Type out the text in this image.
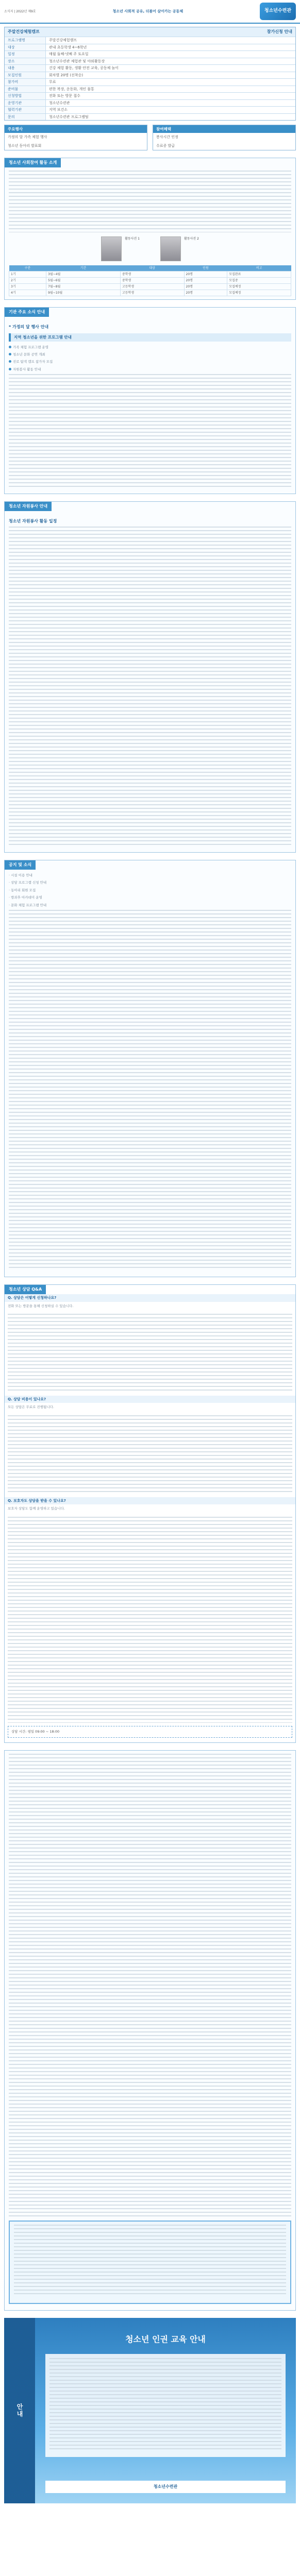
소식지 | 2022년 제9호	청소년 사회적 공유, 더불어 살아가는 공동체	청소년수련관
주말건강체험캠프	참가신청 안내
프로그램명	주말건강체험캠프
대상	관내 초등학생 4~6학년
일정	매월 둘째·넷째 주 토요일
장소	청소년수련관 체험관 및 야외활동장
내용	건강 체험 활동, 생활 안전 교육, 공동체 놀이
모집인원	회차별 20명 (선착순)
참가비	무료
준비물	편한 복장, 운동화, 개인 물통
신청방법	전화 또는 방문 접수
운영기관	청소년수련관
협력기관	지역 보건소
문의	청소년수련관 프로그램팀
주요행사
가정의 달 가족 체험 행사
청소년 동아리 발표회
참여혜택
봉사시간 인정
수료증 발급
청소년 사회참여 활동 소개
활동사진 1	활동사진 2
구분	기간	대상	인원	비고
1기	3월~4월	중학생	20명	모집완료
2기	5월~6월	중학생	20명	모집중
3기	7월~8월	고등학생	20명	모집예정
4기	9월~10월	고등학생	20명	모집예정
기관 주요 소식 안내
* 가정의 달 행사 안내
지역 청소년을 위한 프로그램 안내
가족 체험 프로그램 운영
청소년 문화 공연 개최
진로 탐색 캠프 참가자 모집
자원봉사 활동 안내
청소년 자원봉사 안내
청소년 자원봉사 활동 일정
공지 및 소식
· 시설 이용 안내
· 상담 프로그램 신청 안내
· 동아리 회원 모집
· 방과후 아카데미 운영
· 문화 체험 프로그램 안내
청소년 상담 Q&A
Q. 상담은 어떻게 신청하나요?
전화 또는 방문을 통해 신청하실 수 있습니다.
Q. 상담 비용이 있나요?
모든 상담은 무료로 진행됩니다.
Q. 보호자도 상담을 받을 수 있나요?
보호자 상담도 함께 운영하고 있습니다.
상담 시간: 평일 09:00 ~ 18:00
안내
청소년 인권 교육 안내
청소년수련관
